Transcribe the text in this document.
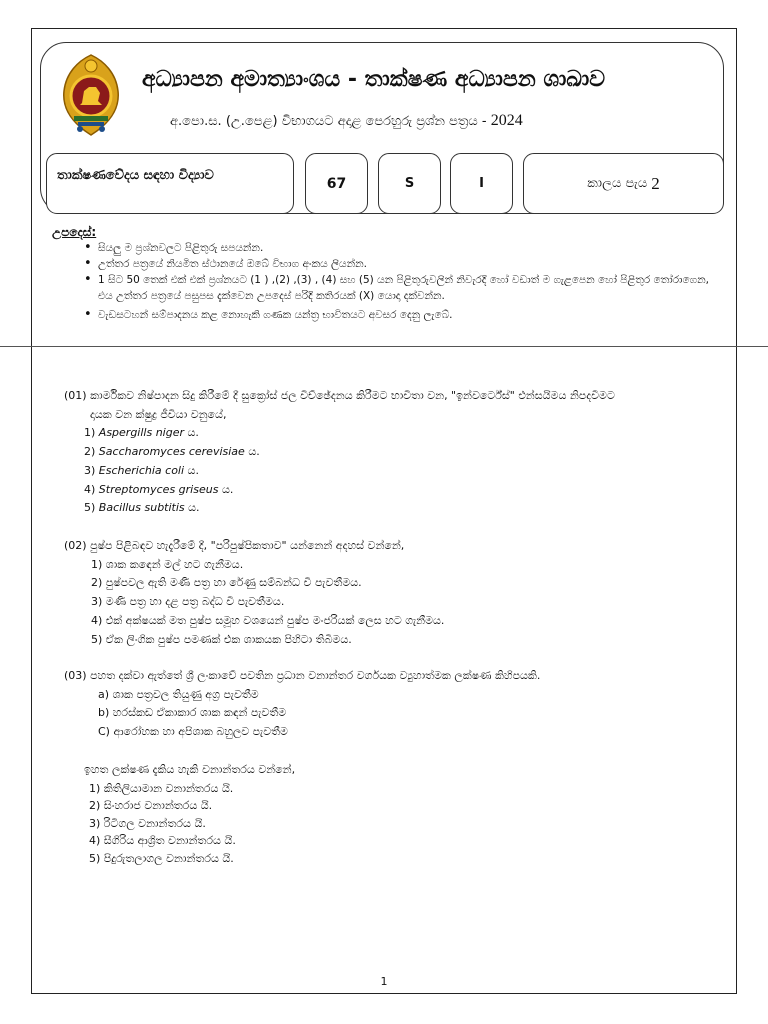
අධ්‍යාපන අමාත්‍යාංශය - තාක්ෂණ අධ්‍යාපන ශාඛාව
අ.පො.ස. (උ.පෙළ) විභාගයට අදාළ පෙරහුරු ප්‍රශ්න පත්‍රය - 2024
තාක්ෂණවේදය සඳහා විද්‍යාව	67	S	I	කාලය පැය 2
උපදෙස්:
• සියලු ම ප්‍රශ්නවලට පිළිතුරු සපයන්න.
• උත්තර පත්‍රයේ නියමිත ස්ථානයේ ඔබේ විභාග අංකය ලියන්න.
• 1 සිට 50 තෙක් එක් එක් ප්‍රශ්නයට (1 ) ,(2) ,(3) , (4) සහ (5) යන පිළිතුරුවලින් නිවැරදි හෝ වඩාත් ම ගැළපෙන හෝ පිළිතුර තෝරාගෙන, එය උත්තර පත්‍රයේ පසුපස දැක්වෙන උපදෙස් පරිදි කතිරයක් (X) යොදා දක්වන්න.
• වැඩසටහන් සම්පාදනය කළ නොහැකි ගණක යන්ත්‍ර භාවිතයට අවසර දෙනු ලැබේ.
(01) කාර්මිකව නිෂ්පාදන සිදු කිරීමේ දී සුක්‍රෝස් ජල විච්ඡේදනය කිරීමට භාවිතා වන, "ඉන්වර්ටේස්" එන්සයිමය නිපදවීමට
දායක වන ක්ෂුද්‍ර ජීවියා වනුයේ,
1) Aspergills niger ය.
2) Saccharomyces cerevisiae ය.
3) Escherichia coli ය.
4) Streptomyces griseus ය.
5) Bacillus subtitis ය.
(02) පුෂ්ප පිළිබඳව හැදැරීමේ දී, "පරිපුෂ්පිකතාව" යන්නෙන් අදහස් වන්නේ,
1) ශාක කඳෙන් මල් හට ගැනීමය.
2) පුෂ්පවල ඇති මණි පත්‍ර හා රේණු සම්බන්ධ වී පැවතීමය.
3) මණි පත්‍ර හා දළ පත්‍ර බද්ධ වී පැවතීමය.
4) එක් අක්ෂයක් මත පුෂ්ප සමූහ වශයෙන් පුෂ්ප මංජරියක් ලෙස හට ගැනීමය.
5) ඒක ලිංගික පුෂ්ප පමණක් එක ශාකයක පිහිටා තිබීමය.
(03) පහත දක්වා ඇත්තේ ශ්‍රී ලංකාවේ පවතින ප්‍රධාන වනාන්තර වර්ගයක ව්‍යුහාත්මක ලක්ෂණ කිහිපයකි.
a) ශාක පත්‍රවල තියුණු අග්‍ර පැවතීම
b) හරස්කඩ ඒකාකාර ශාක කඳන් පැවතීම
C) ආරෝහක හා අපිශාක බහුලව පැවතීම
ඉහත ලක්ෂණ දැකිය හැකි වනාන්තරය වන්නේ,
1) කිතිලියාමාන වනාන්තරය යි.
2) සිංහරාජ වනාන්තරය යි.
3) රිටිගල වනාන්තරය යි.
4) සීගිරිය ආශ්‍රිත වනාන්තරය යි.
5) පිදුරුතලාගල වනාන්තරය යි.
1
